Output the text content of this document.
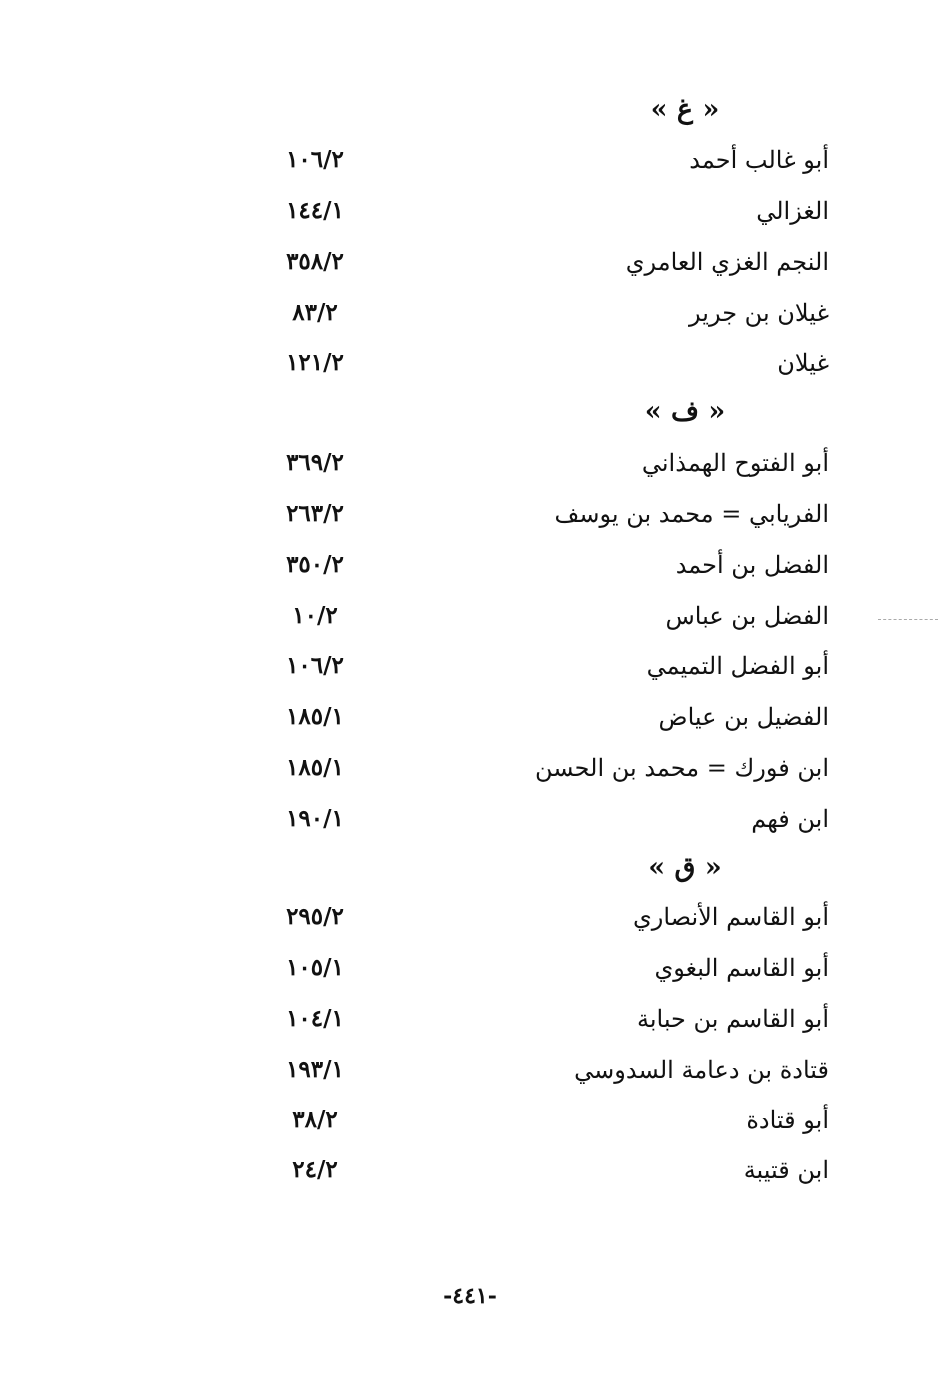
« غ »
أبو غالب أحمد
١٠٦/٢
الغزالي
١٤٤/١
النجم الغزي العامري
٣٥٨/٢
غيلان بن جرير
٨٣/٢
غيلان
١٢١/٢
« ف »
أبو الفتوح الهمذاني
٣٦٩/٢
الفريابي = محمد بن يوسف
٢٦٣/٢
الفضل بن أحمد
٣٥٠/٢
الفضل بن عباس
١٠/٢
أبو الفضل التميمي
١٠٦/٢
الفضيل بن عياض
١٨٥/١
ابن فورك = محمد بن الحسن
١٨٥/١
ابن فهم
١٩٠/١
« ق »
أبو القاسم الأنصاري
٢٩٥/٢
أبو القاسم البغوي
١٠٥/١
أبو القاسم بن حبابة
١٠٤/١
قتادة بن دعامة السدوسي
١٩٣/١
أبو قتادة
٣٨/٢
ابن قتيبة
٢٤/٢
-٤٤١-
